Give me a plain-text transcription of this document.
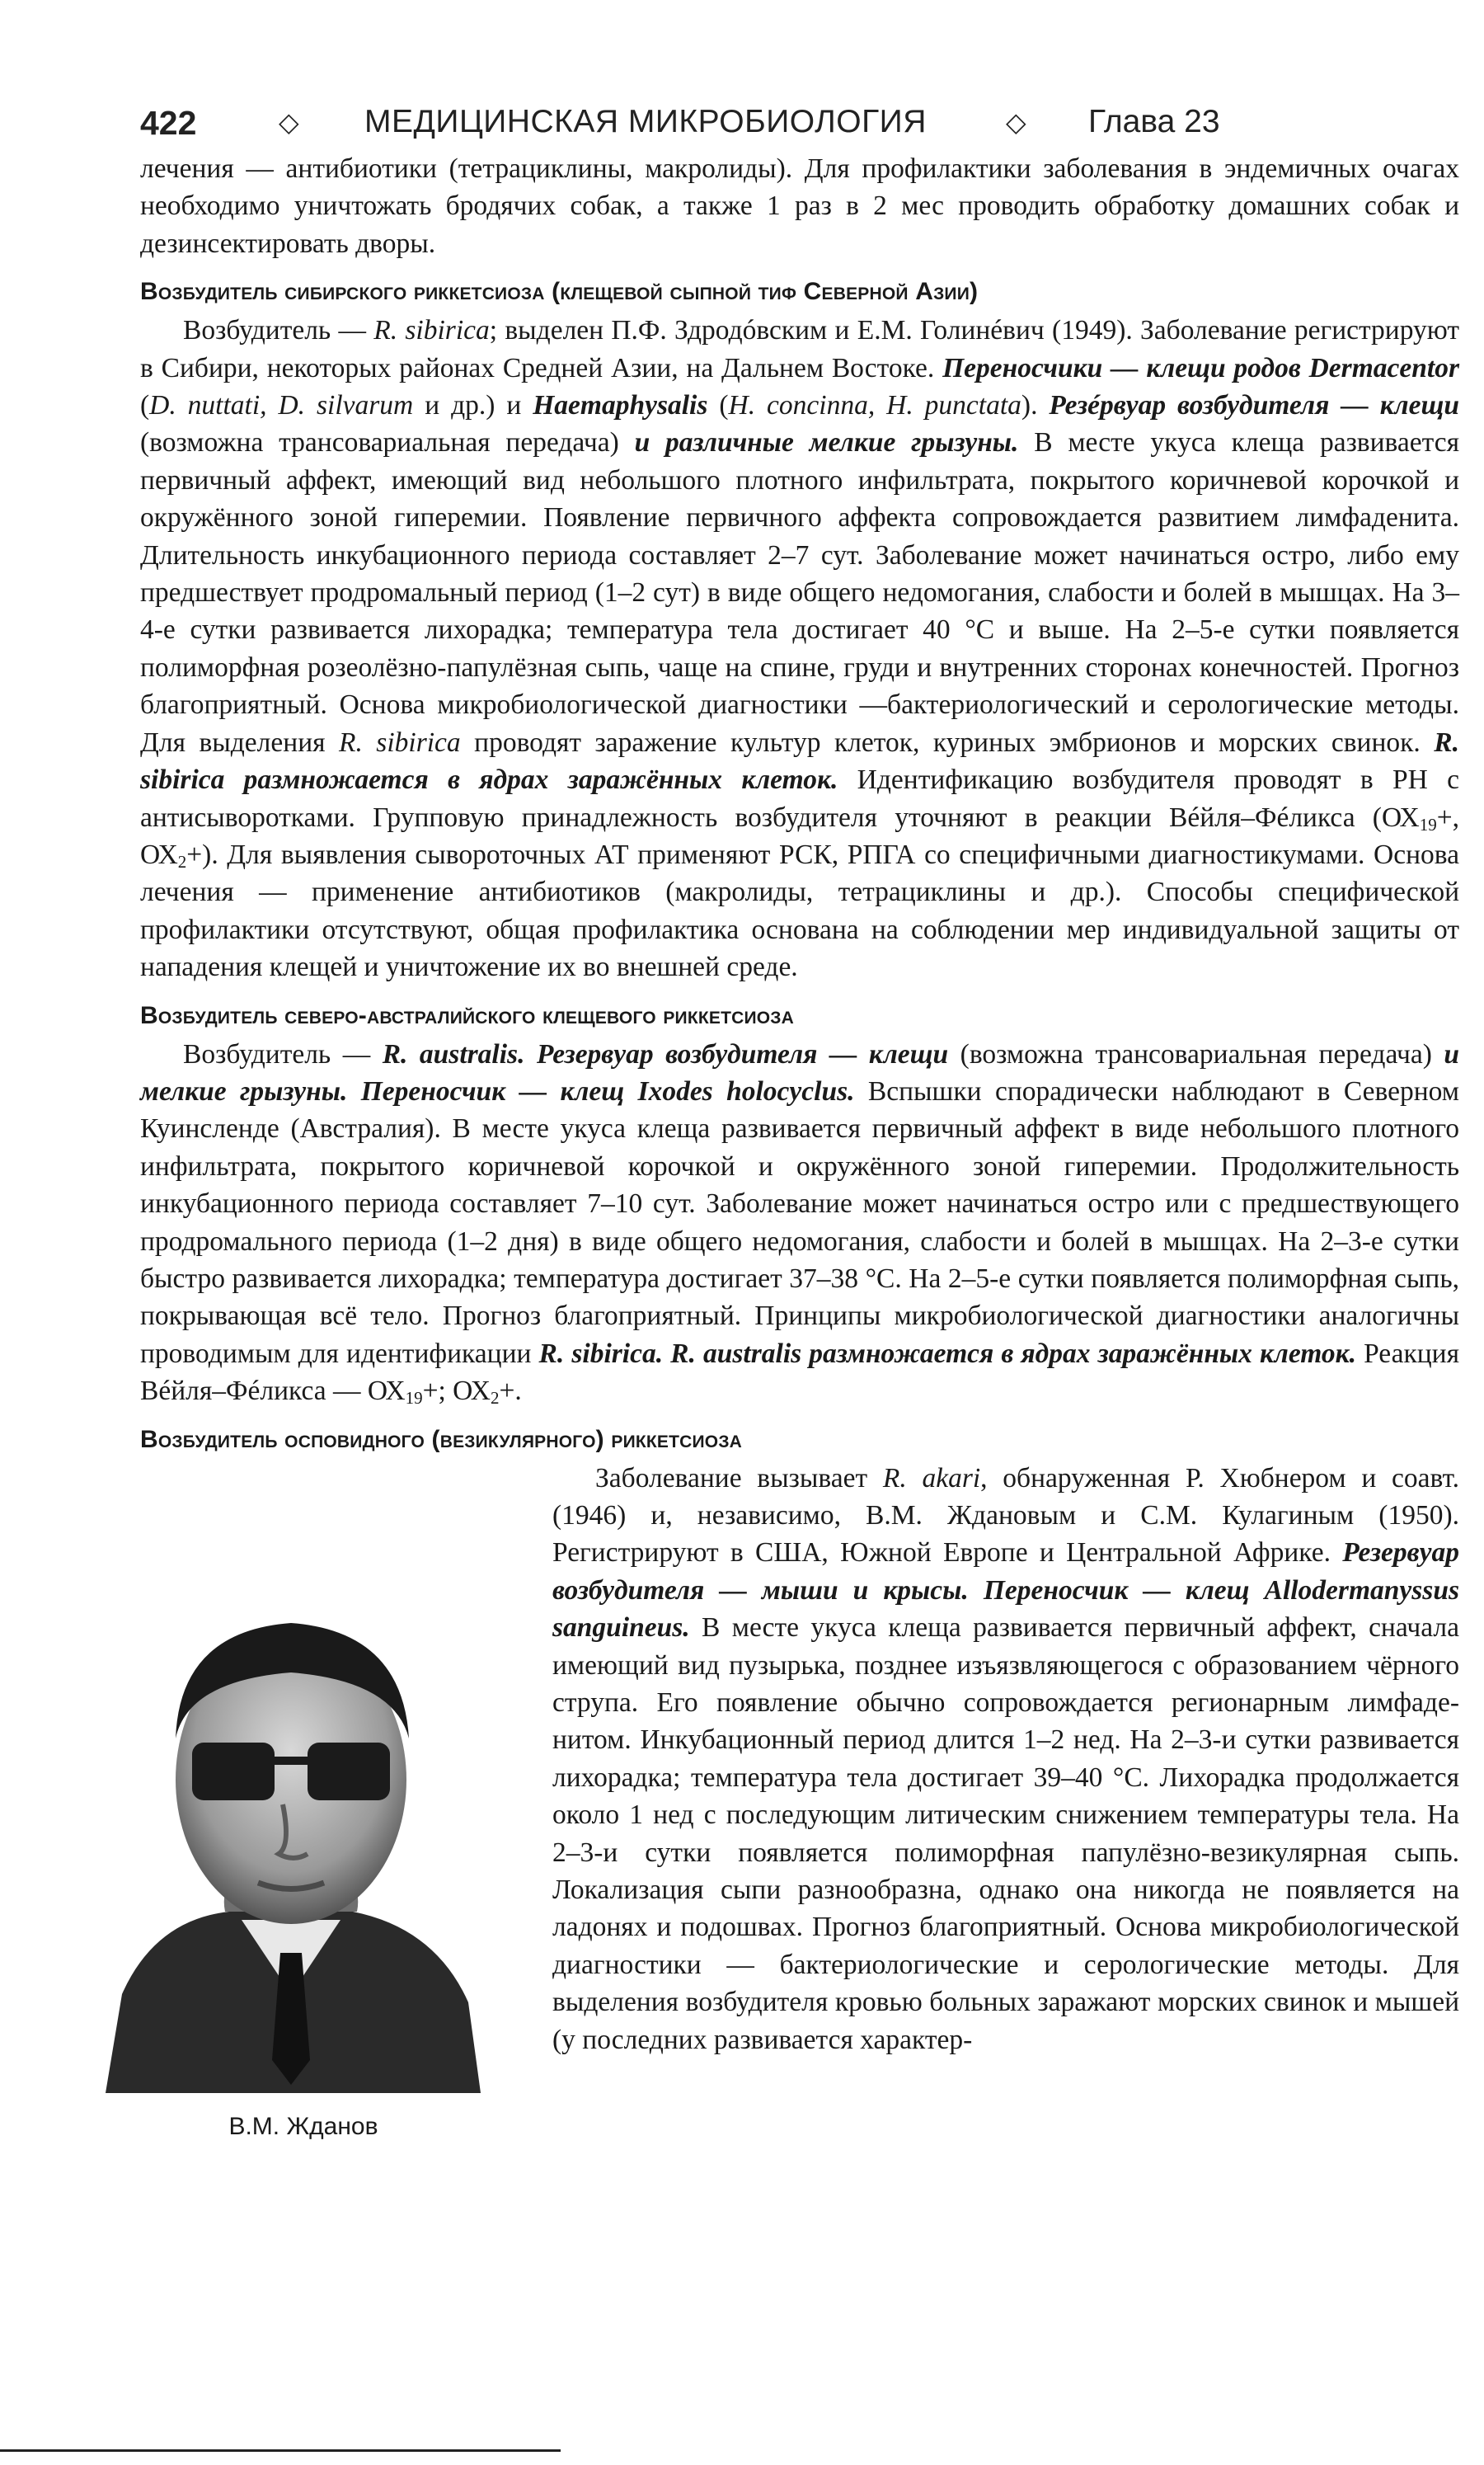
422	◇ МЕДИЦИНСКАЯ МИКРОБИОЛОГИЯ	◇ Глава 23

лечения — антибиотики (тетрациклины, макролиды). Для профилактики заболевания в эндемичных очагах необходимо уничтожать бродячих собак, а также 1 раз в 2 мес проводить обработку домашних собак и дезинсектировать дворы.

Возбудитель сибирского риккетсиоза (клещевой сыпной тиф Северной Азии)

Возбудитель — R. sibirica; выделен П.Ф. Здродóвским и Е.М. Голинéвич (1949). Заболевание регистрируют в Сибири, некоторых районах Средней Азии, на Дальнем Востоке. Переносчики — клещи родов Dermacentor (D. nuttati, D. silvarum и др.) и Haemaphysalis (H. concinna, H. punctata). Резéрвуар возбудителя — клещи (возможна трансовариальная передача) и различные мелкие грызуны. В месте укуса клеща развивается первичный аффект, имеющий вид небольшого плотного инфильтрата, покрытого коричневой корочкой и окружённого зоной гиперемии. Появление первичного аффекта сопровождается развитием лимфаденита. Длительность инкубационного периода составляет 2–7 сут. Заболевание может начинаться остро, либо ему предшествует продромальный период (1–2 сут) в виде общего недомогания, слабости и болей в мышцах. На 3–4-е сутки развивается лихорадка; температура тела достигает 40 °С и выше. На 2–5-е сутки появляется полиморфная розеолёзно-папулёзная сыпь, чаще на спине, груди и внутренних сторонах конечностей. Прогноз благоприятный. Основа микробиологической диагностики —бактериологический и серологические методы. Для выделения R. sibirica проводят заражение культур клеток, куриных эмбрионов и морских свинок. R. sibirica размножается в ядрах заражённых клеток. Идентификацию возбудителя проводят в РН с антисыворотками. Групповую принадлежность возбудителя уточняют в реакции Вéйля–Фéликса ($ОХ_{19}+$, $ОХ_2+$). Для выявления сывороточных АТ применяют РСК, РПГА со специфичными диагностикумами. Основа лечения — применение антибиотиков (макролиды, тетрациклины и др.). Способы специфической профилактики отсутствуют, общая профилактика основана на соблюдении мер индивидуальной защиты от нападения клещей и уничтожение их во внешней среде.

Возбудитель северо-австралийского клещевого риккетсиоза

Возбудитель — R. australis. Резервуар возбудителя — клещи (возможна трансовариальная передача) и мелкие грызуны. Переносчик — клещ Ixodes holocyclus. Вспышки спорадически наблюдают в Северном Куинсленде (Австралия). В месте укуса клеща развивается первичный аффект в виде небольшого плотного инфильтрата, покрытого коричневой корочкой и окружённого зоной гиперемии. Продолжительность инкубационного периода составляет 7–10 сут. Заболевание может начинаться остро или с предшествующего продромального периода (1–2 дня) в виде общего недомогания, слабости и болей в мышцах. На 2–3-е сутки быстро развивается лихорадка; температура достигает 37–38 °С. На 2–5-е сутки появляется полиморфная сыпь, покрывающая всё тело. Прогноз благоприятный. Принципы микробиологической диагностики аналогичны проводимым для идентификации R. sibirica. R. australis размножается в ядрах заражённых клеток. Реакция Вéйля–Фéликса — $ОХ_{19}+$; $ОХ_2+$.

Возбудитель осповидного (везикулярного) риккетсиоза

В.М. Жданов
Заболевание вызывает R. akari, обнаруженная Р. Хюбнером и соавт. (1946) и, независимо, В.М. Ждановым и С.М. Кулагиным (1950). Регистрируют в США, Южной Европе и Центральной Африке. Резервуар возбудителя — мыши и крысы. Переносчик — клещ Allodermanyssus sanguineus. В месте укуса клеща развивается первичный аффект, сначала имеющий вид пузырька, позднее изъязвляющегося с образованием чёрного струпа. Его появление обычно сопровождается регионарным лимфаденитом. Инкубационный период длится 1–2 нед. На 2–3-и сутки развивается лихорадка; температура тела достигает 39–40 °С. Лихорадка продолжается около 1 нед с последующим литическим снижением температуры тела. На 2–3-и сутки появляется полиморфная папулёзно-везикулярная сыпь. Локализация сыпи разнообразна, однако она никогда не появляется на ладонях и подошвах. Прогноз благоприятный. Основа микробиологической диагностики — бактериологические и серологические методы. Для выделения возбудителя кровью больных заражают морских свинок и мышей (у последних развивается характер-
